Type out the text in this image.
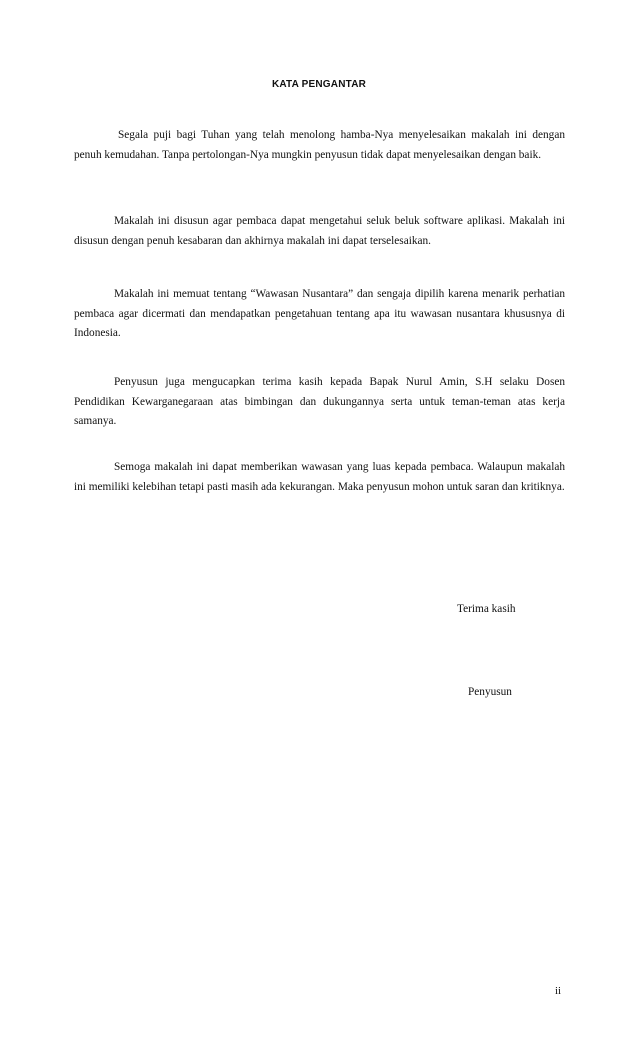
KATA PENGANTAR

Segala puji bagi Tuhan yang telah menolong hamba-Nya menyelesaikan makalah ini dengan penuh kemudahan. Tanpa pertolongan-Nya mungkin penyusun tidak dapat menyelesaikan dengan baik.

Makalah ini disusun agar pembaca dapat mengetahui seluk beluk software aplikasi. Makalah ini disusun dengan penuh kesabaran dan akhirnya makalah ini dapat terselesaikan.

Makalah ini memuat tentang “Wawasan Nusantara” dan sengaja dipilih karena menarik perhatian pembaca agar dicermati dan mendapatkan pengetahuan tentang apa itu wawasan nusantara khususnya di Indonesia.

Penyusun juga mengucapkan terima kasih kepada Bapak Nurul Amin, S.H selaku Dosen Pendidikan Kewarganegaraan atas bimbingan dan dukungannya serta untuk teman-teman atas kerja samanya.

Semoga makalah ini dapat memberikan wawasan yang luas kepada pembaca. Walaupun makalah ini memiliki kelebihan tetapi pasti masih ada kekurangan. Maka penyusun mohon untuk saran dan kritiknya.

Terima kasih
Penyusun
ii
